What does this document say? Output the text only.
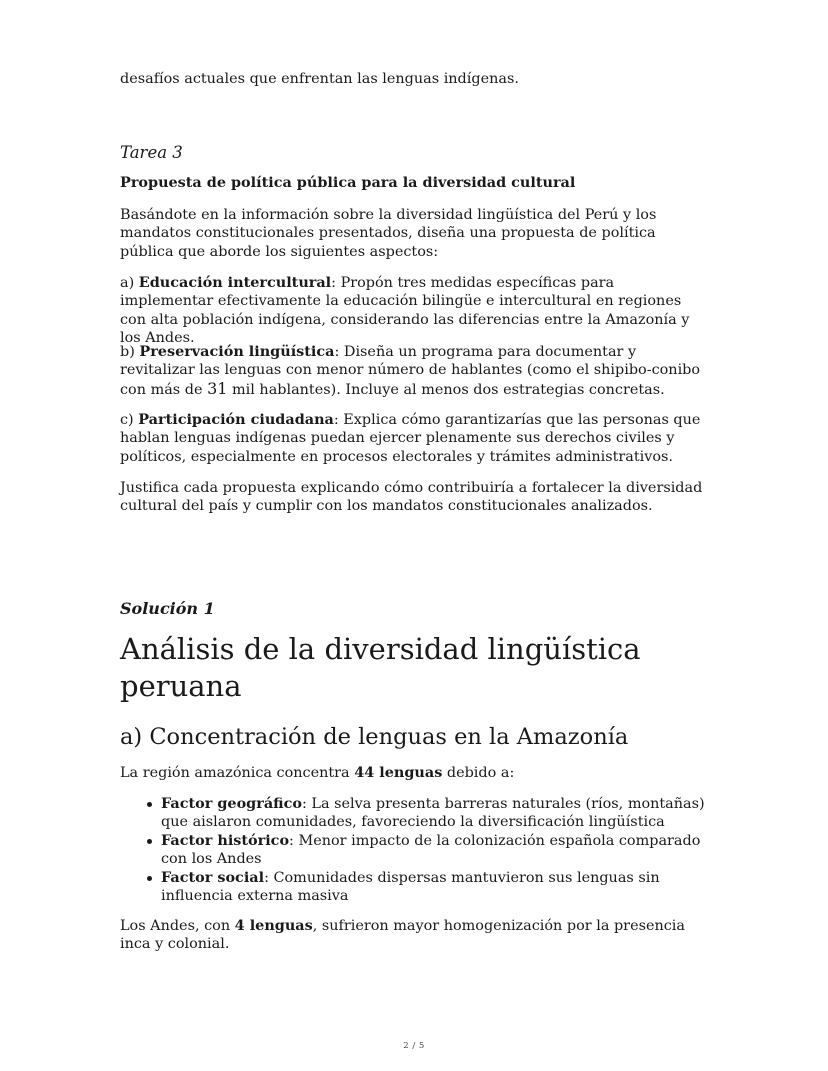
desafíos actuales que enfrentan las lenguas indígenas.

Tarea 3
Propuesta de política pública para la diversidad cultural

Basándote en la información sobre la diversidad lingüística del Perú y los mandatos constitucionales presentados, diseña una propuesta de política pública que aborde los siguientes aspectos:

a) Educación intercultural: Propón tres medidas específicas para implementar efectivamente la educación bilingüe e intercultural en regiones con alta población indígena, considerando las diferencias entre la Amazonía y los Andes.

b) Preservación lingüística: Diseña un programa para documentar y revitalizar las lenguas con menor número de hablantes (como el shipibo-conibo con más de 31 mil hablantes). Incluye al menos dos estrategias concretas.

c) Participación ciudadana: Explica cómo garantizarías que las personas que hablan lenguas indígenas puedan ejercer plenamente sus derechos civiles y políticos, especialmente en procesos electorales y trámites administrativos.

Justifica cada propuesta explicando cómo contribuiría a fortalecer la diversidad cultural del país y cumplir con los mandatos constitucionales analizados.

Solución 1
Análisis de la diversidad lingüística peruana
a) Concentración de lenguas en la Amazonía

La región amazónica concentra 44 lenguas debido a:

Factor geográfico: La selva presenta barreras naturales (ríos, montañas) que aislaron comunidades, favoreciendo la diversificación lingüística
Factor histórico: Menor impacto de la colonización española comparado con los Andes
Factor social: Comunidades dispersas mantuvieron sus lenguas sin influencia externa masiva

Los Andes, con 4 lenguas, sufrieron mayor homogenización por la presencia inca y colonial.

2 / 5
